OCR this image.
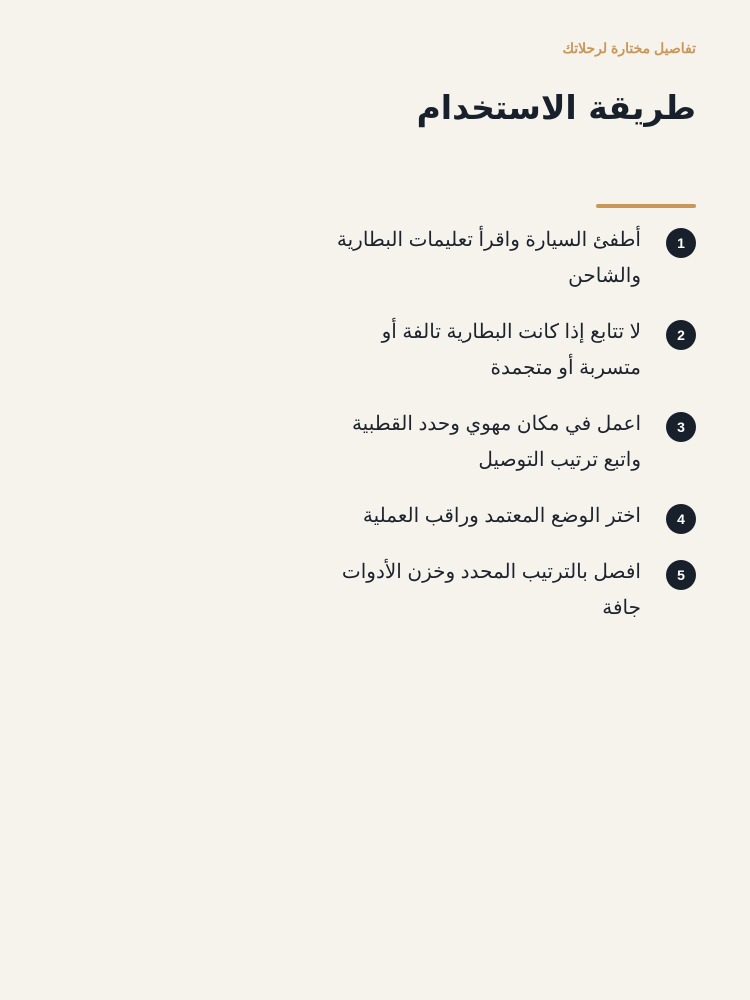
تفاصيل مختارة لرحلاتك

طريقة الاستخدام
1
أطفئ السيارة واقرأ تعليمات البطارية والشاحن
2
لا تتابع إذا كانت البطارية تالفة أو متسربة أو متجمدة
3
اعمل في مكان مهوي وحدد القطبية واتبع ترتيب التوصيل
4
اختر الوضع المعتمد وراقب العملية
5
افصل بالترتيب المحدد وخزن الأدوات جافة
